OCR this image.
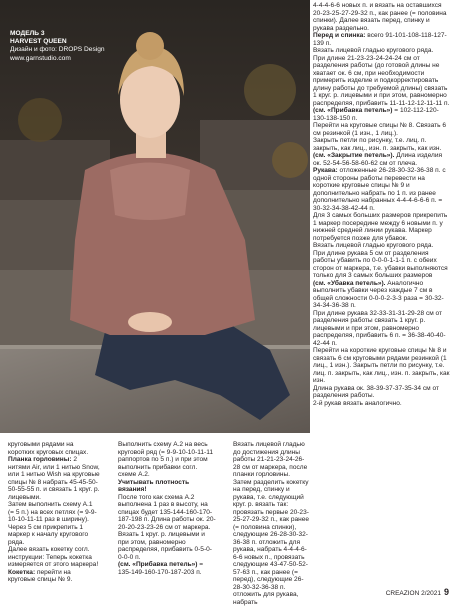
МОДЕЛЬ 3
HARVEST QUEEN
Дизайн и фото: DROPS Design
www.garnstudio.com

4-4-4-6-6 новых п. и вязать на оставшихся 20-23-25-27-29-32 п., как ранее (= половина спинки). Далее вязать перед, спинку и рукава раздельно.

Перед и спинка: всего 91-101-108-118-127-139 п.

Вязать лицевой гладью кругового ряда.

При длине 21-23-23-24-24-24 см от разделения работы (до готовой длины не хватает ок. 6 см, при необходимости примерить изделие и подкорректировать длину работы до требуемой длины) связать 1 круг. р. лицевыми и при этом, равномерно распределяя, прибавить 11-11-12-12-11-11 п.

(см. «Прибавка петель») = 102-112-120-130-138-150 п.

Перейти на круговые спицы № 8. Связать 6 см резинкой (1 изн., 1 лиц.).

Закрыть петли по рисунку, т.е. лиц. п. закрыть, как лиц., изн. п. закрыть, как изн.

(см. «Закрытие петель»). Длина изделия ок. 52-54-56-58-60-62 см от плеча.

Рукава: отложенные 26-28-30-32-36-38 п. с одной стороны работы перевести на короткие круговые спицы № 9 и дополнительно набрать по 1 п. из ранее дополнительно набранных 4-4-4-6-6-6 п. = 30-32-34-38-42-44 п.

Для 3 самых больших размеров прикрепить 1 маркер посередине между 6 новыми п. у нижней средней линии рукава. Маркер потребуется позже для убавок.

Вязать лицевой гладью кругового ряда.

При длине рукава 5 см от разделения работы убавить по 0-0-0-1-1-1 п. с обеих сторон от маркера, т.е. убавки выполняются только для 3 самых больших размеров

(см. «Убавка петель»). Аналогично выполнить убавки через каждые 7 см в общей сложности 0-0-0-2-3-3 раза = 30-32-34-34-36-38 п.

При длине рукава 32-33-31-31-29-28 см от разделения работы связать 1 круг. р. лицевыми и при этом, равномерно распределяя, прибавить 6 п. = 36-38-40-40-42-44 п.

Перейти на короткие круговые спицы № 8 и связать 6 см круговыми рядами резинкой (1 лиц., 1 изн.). Закрыть петли по рисунку, т.е. лиц. п. закрыть, как лиц., изн. п. закрыть, как изн.

Длина рукава ок. 38-39-37-37-35-34 см от разделения работы.

2-й рукав вязать аналогично.

круговыми рядами на коротких круговых спицах.

Планка горловины: 2 нитями Air, или 1 нитью Snow, или 1 нитью Wish на круговые спицы № 8 набрать 45-45-50-50-55-55 п. и связать 1 круг. р. лицевыми.

Затем выполнить схему А.1 (= 5 п.) на всех петлях (= 9-9-10-10-11-11 раз в ширину).

Через 5 см прикрепить 1 маркер к началу кругового ряда.

Далее вязать кокетку согл. инструкции: Теперь кокетка измеряется от этого маркера!

Кокетка: перейти на круговые спицы № 9.

Выполнить схему А.2 на весь круговой ряд (= 9-9-10-10-11-11 раппортов по 5 п.) и при этом выполнить прибавки согл. схеме А.2.

Учитывать плотность вязания!

После того как схема А.2 выполнена 1 раз в высоту, на спицах будет 135-144-160-170-187-198 п. Длина работы ок. 20-20-20-23-23-26 см от маркера.

Вязать 1 круг. р. лицевыми и при этом, равномерно распределяя, прибавить 0-5-0-0-0-0 п.

(см. «Прибавка петель») = 135-149-160-170-187-203 п.

Вязать лицевой гладью до достижения длины работы 21-21-23-24-26-28 см от маркера, после планки горловины.

Затем разделить кокетку на перед, спинку и рукава, т.е. следующий круг. р. вязать так: провязать первые 20-23-25-27-29-32 п., как ранее (= половина спинки), следующие 26-28-30-32-36-38 п. отложить для рукава, набрать 4-4-4-6-6-6 новых п., провязать следующие 43-47-50-52-57-63 п., как ранее (= перед), следующие 26-28-30-32-36-38 п. отложить для рукава, набрать

CREAZION 2/2021 9
